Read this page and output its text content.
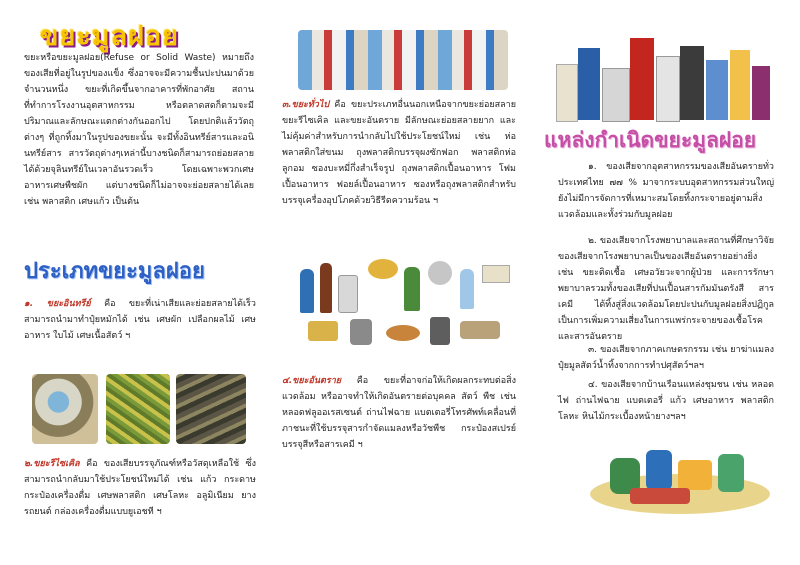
ขยะมูลฝอย

ขยะหรือขยะมูลฝอย(Refuse or Solid Waste) หมายถึง ของเสียที่อยู่ในรูปของแข็ง ซึ่งอาจจะมีความชื้นปะปนมาด้วยจำนวนหนึ่ง ขยะที่เกิดขึ้นจากอาคารที่พักอาศัย สถานที่ทำการโรงงานอุตสาหกรรม หรือตลาดสดก็ตามจะมีปริมาณและลักษณะแตกต่างกันออกไป โดยปกติแล้ววัตถุต่างๆ ที่ถูกทิ้งมาในรูปของขยะนั้น จะมีทั้งอินทรีย์สารและอนินทรีย์สาร สารวัตถุต่างๆเหล่านี้บางชนิดก็สามารถย่อยสลายได้ด้วยจุลินทรีย์ในเวลาอันรวดเร็ว โดยเฉพาะพวกเศษอาหารเศษพืชผัก แต่บางชนิดก็ไม่อาจจะย่อยสลายได้เลย เช่น พลาสติก เศษแก้ว เป็นต้น

ประเภทขยะมูลฝอย

๑. ขยะอินทรีย์ คือ ขยะที่เน่าเสียและย่อยสลายได้เร็ว สามารถนำมาทำปุ๋ยหมักได้ เช่น เศษผัก เปลือกผลไม้ เศษอาหาร ใบไม้ เศษเนื้อสัตว์ ฯ

๒.ขยะรีไซเคิล คือ ของเสียบรรจุภัณฑ์หรือวัสดุเหลือใช้ ซึ่งสามารถนำกลับมาใช้ประโยชน์ใหม่ได้ เช่น แก้ว กระดาษ กระป๋องเครื่องดื่ม เศษพลาสติก เศษโลหะ อลูมิเนียม ยางรถยนต์ กล่องเครื่องดื่มแบบยูเอชที ฯ

๓.ขยะทั่วไป คือ ขยะประเภทอื่นนอกเหนือจากขยะย่อยสลาย ขยะรีไซเคิล และขยะอันตราย มีลักษณะย่อยสลายยาก และไม่คุ้มค่าสำหรับการนำกลับไปใช้ประโยชน์ใหม่ เช่น ห่อพลาสติกใส่ขนม ถุงพลาสติกบรรจุผงซักฟอก พลาสติกห่อลูกอม ซองบะหมี่กึ่งสำเร็จรูป ถุงพลาสติกเปื้อนอาหาร โฟมเปื้อนอาหาร ฟอยล์เปื้อนอาหาร ซองหรือถุงพลาสติกสำหรับบรรจุเครื่องอุปโภคด้วยวิธีรีดความร้อน ฯ

๔.ขยะอันตราย คือ ขยะที่อาจก่อให้เกิดผลกระทบต่อสิ่งแวดล้อม หรืออาจทำให้เกิดอันตรายต่อบุคคล สัตว์ พืช เช่น หลอดฟลูออเรสเซนต์ ถ่านไฟฉาย แบตเตอรี่โทรศัพท์เคลื่อนที่ ภาชนะที่ใช้บรรจุสารกำจัดแมลงหรือวัชพืช กระป๋องสเปรย์บรรจุสีหรือสารเคมี ฯ

แหล่งกำเนิดขยะมูลฝอย

๑. ของเสียจากอุตสาหกรรมของเสียอันตรายทั่วประเทศไทย ๗๗ % มาจากระบบอุตสาหกรรมส่วนใหญ่ยังไม่มีการจัดการที่เหมาะสมโดยทิ้งกระจายอยู่ตามสิ่งแวดล้อมและทั้งร่วมกับมูลฝอย

๒. ของเสียจากโรงพยาบาลและสถานที่ศึกษาวิจัย ของเสียจากโรงพยาบาลเป็นของเสียอันตรายอย่างยิ่ง เช่น ขยะติดเชื้อ เศษอวัยวะจากผู้ป่วย และการรักษาพยาบาลรวมทั้งของเสียที่ปนเปื้อนสารกัมมันตรังสี สารเคมี ได้ทิ้งสู่สิ่งแวดล้อมโดยปะปนกับมูลฝอยสิ่งปฏิกูลเป็นการเพิ่มความเสี่ยงในการแพร่กระจายของเชื้อโรคและสารอันตราย

๓. ของเสียจากภาคเกษตรกรรม เช่น ยาฆ่าแมลง ปุ๋ยมูลสัตว์น้ำทิ้งจากการทำปศุสัตว์ฯลฯ

๔. ของเสียจากบ้านเรือนแหล่งชุมชน เช่น หลอดไฟ ถ่านไฟฉาย แบตเตอรี่ แก้ว เศษอาหาร พลาสติก โลหะ หินไม้กระเบื้องหน้ายางฯลฯ
